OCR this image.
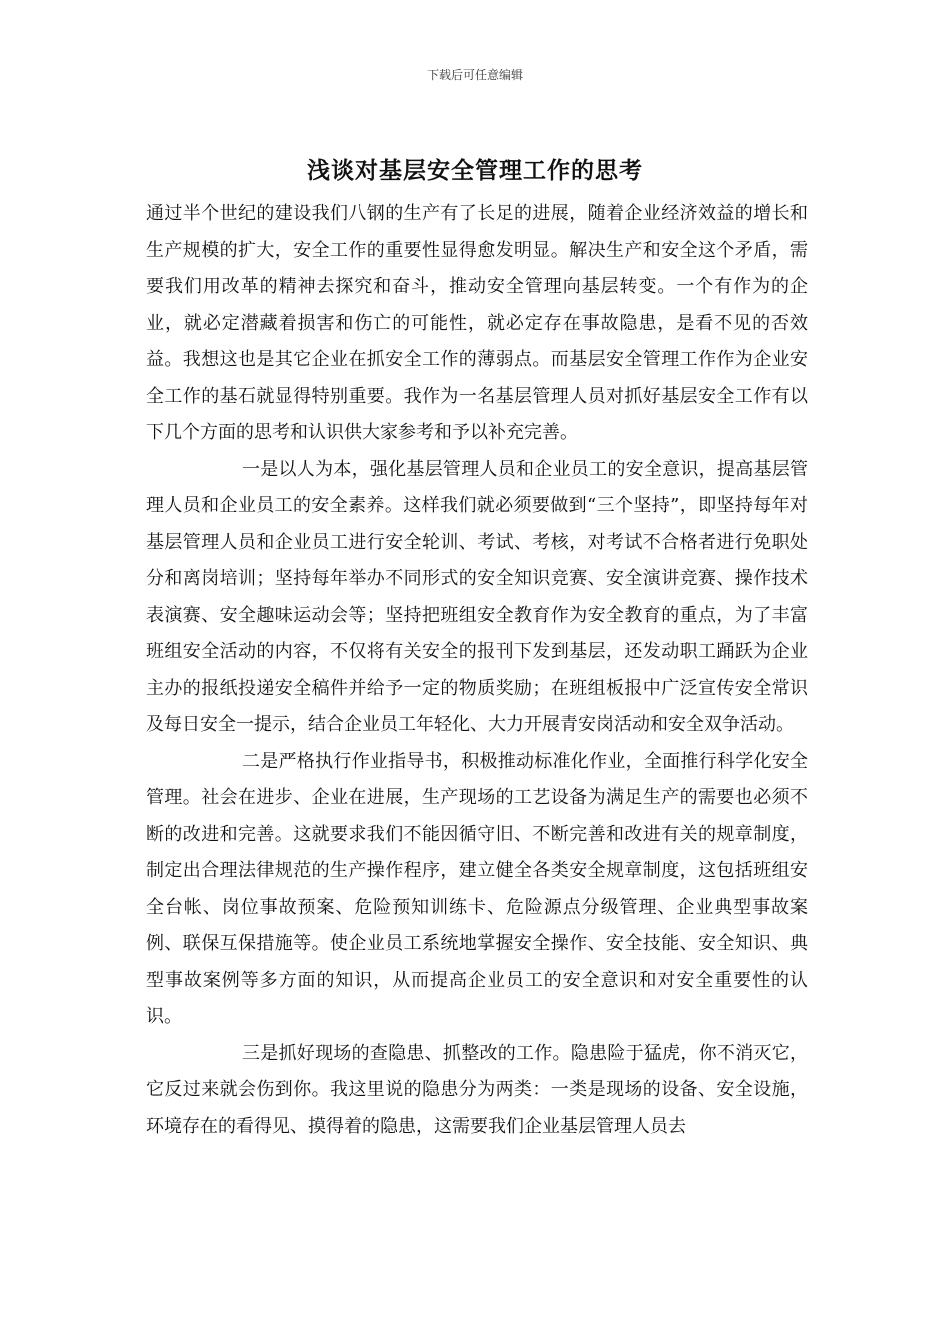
下载后可任意编辑
浅谈对基层安全管理工作的思考

通过半个世纪的建设我们八钢的生产有了长足的进展，随着企业经济效益的增长和生产规模的扩大，安全工作的重要性显得愈发明显。解决生产和安全这个矛盾，需要我们用改革的精神去探究和奋斗，推动安全管理向基层转变。一个有作为的企业，就必定潜藏着损害和伤亡的可能性，就必定存在事故隐患，是看不见的否效益。我想这也是其它企业在抓安全工作的薄弱点。而基层安全管理工作作为企业安全工作的基石就显得特别重要。我作为一名基层管理人员对抓好基层安全工作有以下几个方面的思考和认识供大家参考和予以补充完善。

一是以人为本，强化基层管理人员和企业员工的安全意识，提高基层管理人员和企业员工的安全素养。这样我们就必须要做到“三个坚持”，即坚持每年对基层管理人员和企业员工进行安全轮训、考试、考核，对考试不合格者进行免职处分和离岗培训；坚持每年举办不同形式的安全知识竞赛、安全演讲竞赛、操作技术表演赛、安全趣味运动会等；坚持把班组安全教育作为安全教育的重点，为了丰富班组安全活动的内容，不仅将有关安全的报刊下发到基层，还发动职工踊跃为企业主办的报纸投递安全稿件并给予一定的物质奖励；在班组板报中广泛宣传安全常识及每日安全一提示，结合企业员工年轻化、大力开展青安岗活动和安全双争活动。

二是严格执行作业指导书，积极推动标准化作业，全面推行科学化安全管理。社会在进步、企业在进展，生产现场的工艺设备为满足生产的需要也必须不断的改进和完善。这就要求我们不能因循守旧、不断完善和改进有关的规章制度，制定出合理法律规范的生产操作程序，建立健全各类安全规章制度，这包括班组安全台帐、岗位事故预案、危险预知训练卡、危险源点分级管理、企业典型事故案例、联保互保措施等。使企业员工系统地掌握安全操作、安全技能、安全知识、典型事故案例等多方面的知识，从而提高企业员工的安全意识和对安全重要性的认识。

三是抓好现场的查隐患、抓整改的工作。隐患险于猛虎，你不消灭它，它反过来就会伤到你。我这里说的隐患分为两类：一类是现场的设备、安全设施，环境存在的看得见、摸得着的隐患，这需要我们企业基层管理人员去
